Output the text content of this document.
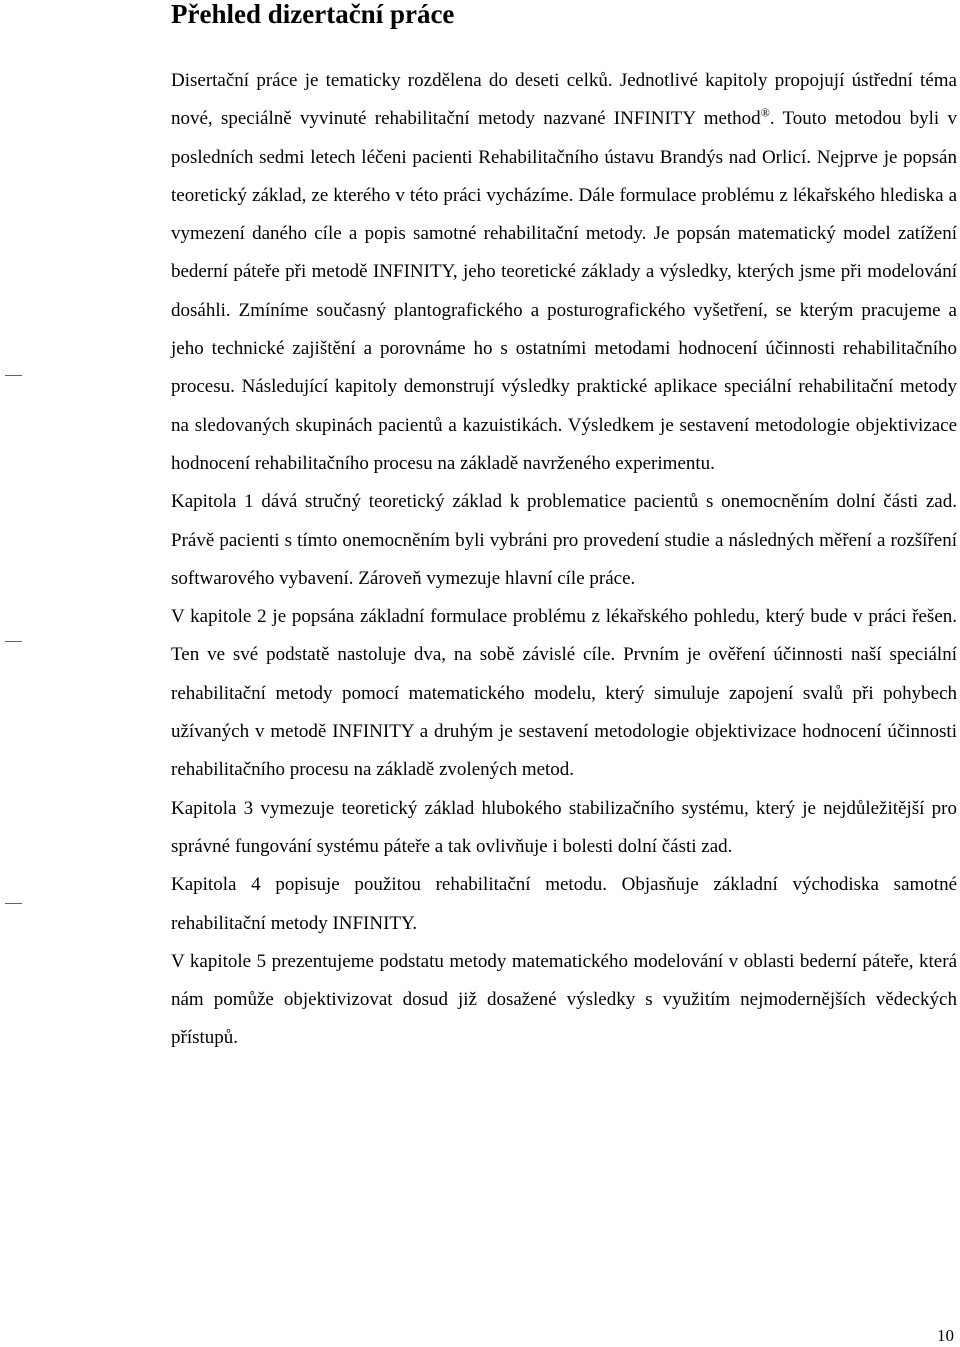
Přehled dizertační práce

Disertační práce je tematicky rozdělena do deseti celků. Jednotlivé kapitoly propojují ústřední téma nové, speciálně vyvinuté rehabilitační metody nazvané INFINITY method®. Touto metodou byli v posledních sedmi letech léčeni pacienti Rehabilitačního ústavu Brandýs nad Orlicí. Nejprve je popsán teoretický základ, ze kterého v této práci vycházíme. Dále formulace problému z lékařského hlediska a vymezení daného cíle a popis samotné rehabilitační metody. Je popsán matematický model zatížení bederní páteře při metodě INFINITY, jeho teoretické základy a výsledky, kterých jsme při modelování dosáhli. Zmíníme současný plantografického a posturografického vyšetření, se kterým pracujeme a jeho technické zajištění a porovnáme ho s ostatními metodami hodnocení účinnosti rehabilitačního procesu. Následující kapitoly demonstrují výsledky praktické aplikace speciální rehabilitační metody na sledovaných skupinách pacientů a kazuistikách. Výsledkem je sestavení metodologie objektivizace hodnocení rehabilitačního procesu na základě navrženého experimentu.

Kapitola 1 dává stručný teoretický základ k problematice pacientů s onemocněním dolní části zad. Právě pacienti s tímto onemocněním byli vybráni pro provedení studie a následných měření a rozšíření softwarového vybavení. Zároveň vymezuje hlavní cíle práce.

V kapitole 2 je popsána základní formulace problému z lékařského pohledu, který bude v práci řešen. Ten ve své podstatě nastoluje dva, na sobě závislé cíle. Prvním je ověření účinnosti naší speciální rehabilitační metody pomocí matematického modelu, který simuluje zapojení svalů při pohybech užívaných v metodě INFINITY a druhým je sestavení metodologie objektivizace hodnocení účinnosti rehabilitačního procesu na základě zvolených metod.

Kapitola 3 vymezuje teoretický základ hlubokého stabilizačního systému, který je nejdůležitější pro správné fungování systému páteře a tak ovlivňuje i bolesti dolní části zad.

Kapitola 4 popisuje použitou rehabilitační metodu. Objasňuje základní východiska samotné rehabilitační metody INFINITY.

V kapitole 5 prezentujeme podstatu metody matematického modelování v oblasti bederní páteře, která nám pomůže objektivizovat dosud již dosažené výsledky s využitím nejmodernějších vědeckých přístupů.

10
